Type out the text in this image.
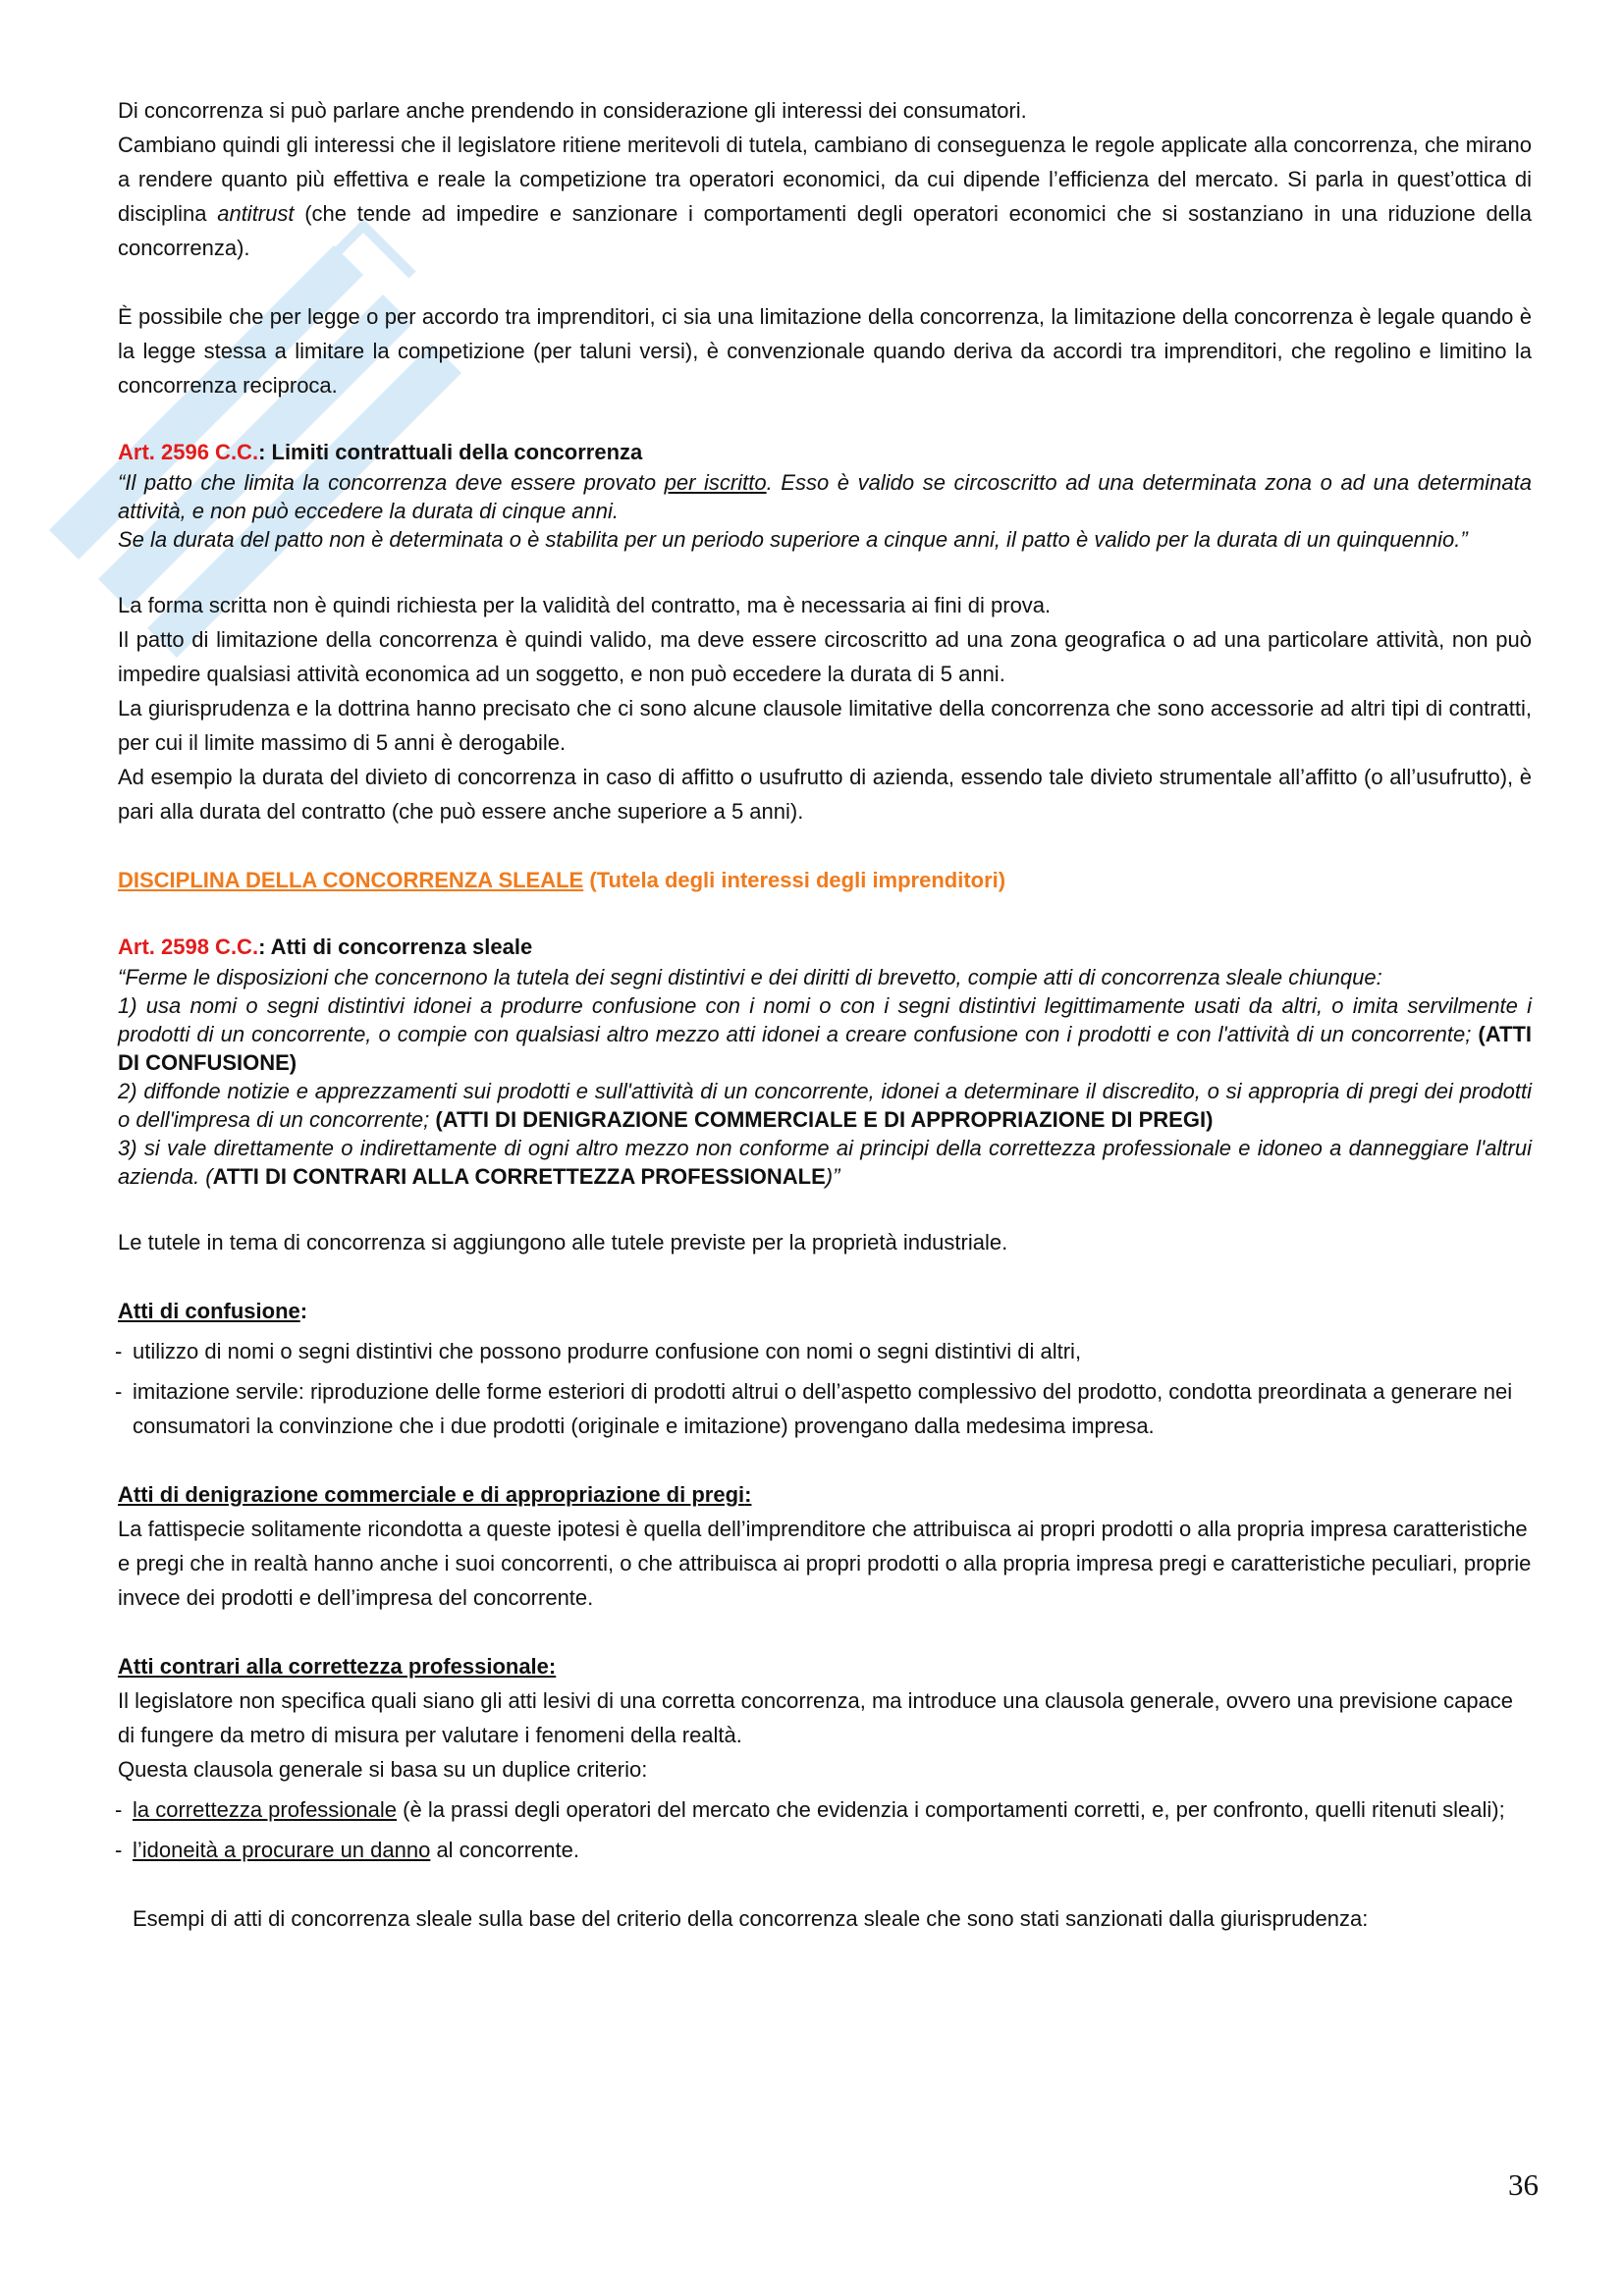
Di concorrenza si può parlare anche prendendo in considerazione gli interessi dei consumatori.

Cambiano quindi gli interessi che il legislatore ritiene meritevoli di tutela, cambiano di conseguenza le regole applicate alla concorrenza, che mirano a rendere quanto più effettiva e reale la competizione tra operatori economici, da cui dipende l’efficienza del mercato. Si parla in quest’ottica di disciplina antitrust (che tende ad impedire e sanzionare i comportamenti degli operatori economici che si sostanziano in una riduzione della concorrenza).

È possibile che per legge o per accordo tra imprenditori, ci sia una limitazione della concorrenza, la limitazione della concorrenza è legale quando è la legge stessa a limitare la competizione (per taluni versi), è convenzionale quando deriva da accordi tra imprenditori, che regolino e limitino la concorrenza reciproca.

Art. 2596 C.C.: Limiti contrattuali della concorrenza

“Il patto che limita la concorrenza deve essere provato per iscritto. Esso è valido se circoscritto ad una determinata zona o ad una determinata attività, e non può eccedere la durata di cinque anni.
Se la durata del patto non è determinata o è stabilita per un periodo superiore a cinque anni, il patto è valido per la durata di un quinquennio.”

La forma scritta non è quindi richiesta per la validità del contratto, ma è necessaria ai fini di prova.

Il patto di limitazione della concorrenza è quindi valido, ma deve essere circoscritto ad una zona geografica o ad una particolare attività, non può impedire qualsiasi attività economica ad un soggetto, e non può eccedere la durata di 5 anni.

La giurisprudenza e la dottrina hanno precisato che ci sono alcune clausole limitative della concorrenza che sono accessorie ad altri tipi di contratti, per cui il limite massimo di 5 anni è derogabile.

Ad esempio la durata del divieto di concorrenza in caso di affitto o usufrutto di azienda, essendo tale divieto strumentale all’affitto (o all’usufrutto), è pari alla durata del contratto (che può essere anche superiore a 5 anni).

DISCIPLINA DELLA CONCORRENZA SLEALE (Tutela degli interessi degli imprenditori)

Art. 2598 C.C.: Atti di concorrenza sleale

“Ferme le disposizioni che concernono la tutela dei segni distintivi e dei diritti di brevetto, compie atti di concorrenza sleale chiunque:
1) usa nomi o segni distintivi idonei a produrre confusione con i nomi o con i segni distintivi legittimamente usati da altri, o imita servilmente i prodotti di un concorrente, o compie con qualsiasi altro mezzo atti idonei a creare confusione con i prodotti e con l'attività di un concorrente; (ATTI DI CONFUSIONE)
2) diffonde notizie e apprezzamenti sui prodotti e sull'attività di un concorrente, idonei a determinare il discredito, o si appropria di pregi dei prodotti o dell'impresa di un concorrente; (ATTI DI DENIGRAZIONE COMMERCIALE E DI APPROPRIAZIONE DI PREGI)
3) si vale direttamente o indirettamente di ogni altro mezzo non conforme ai principi della correttezza professionale e idoneo a danneggiare l'altrui azienda. (ATTI DI CONTRARI ALLA CORRETTEZZA PROFESSIONALE)”

Le tutele in tema di concorrenza si aggiungono alle tutele previste per la proprietà industriale.

Atti di confusione:

- utilizzo di nomi o segni distintivi che possono produrre confusione con nomi o segni distintivi di altri,
- imitazione servile: riproduzione delle forme esteriori di prodotti altrui o dell’aspetto complessivo del prodotto, condotta preordinata a generare nei consumatori la convinzione che i due prodotti (originale e imitazione) provengano dalla medesima impresa.

Atti di denigrazione commerciale e di appropriazione di pregi:

La fattispecie solitamente ricondotta a queste ipotesi è quella dell’imprenditore che attribuisca ai propri prodotti o alla propria impresa caratteristiche e pregi che in realtà hanno anche i suoi concorrenti, o che attribuisca ai propri prodotti o alla propria impresa pregi e caratteristiche peculiari, proprie invece dei prodotti e dell’impresa del concorrente.

Atti contrari alla correttezza professionale:

Il legislatore non specifica quali siano gli atti lesivi di una corretta concorrenza, ma introduce una clausola generale, ovvero una previsione capace di fungere da metro di misura per valutare i fenomeni della realtà.

Questa clausola generale si basa su un duplice criterio:

- la correttezza professionale (è la prassi degli operatori del mercato che evidenzia i comportamenti corretti, e, per confronto, quelli ritenuti sleali);
- l’idoneità a procurare un danno al concorrente.

Esempi di atti di concorrenza sleale sulla base del criterio della concorrenza sleale che sono stati sanzionati dalla giurisprudenza:

36
